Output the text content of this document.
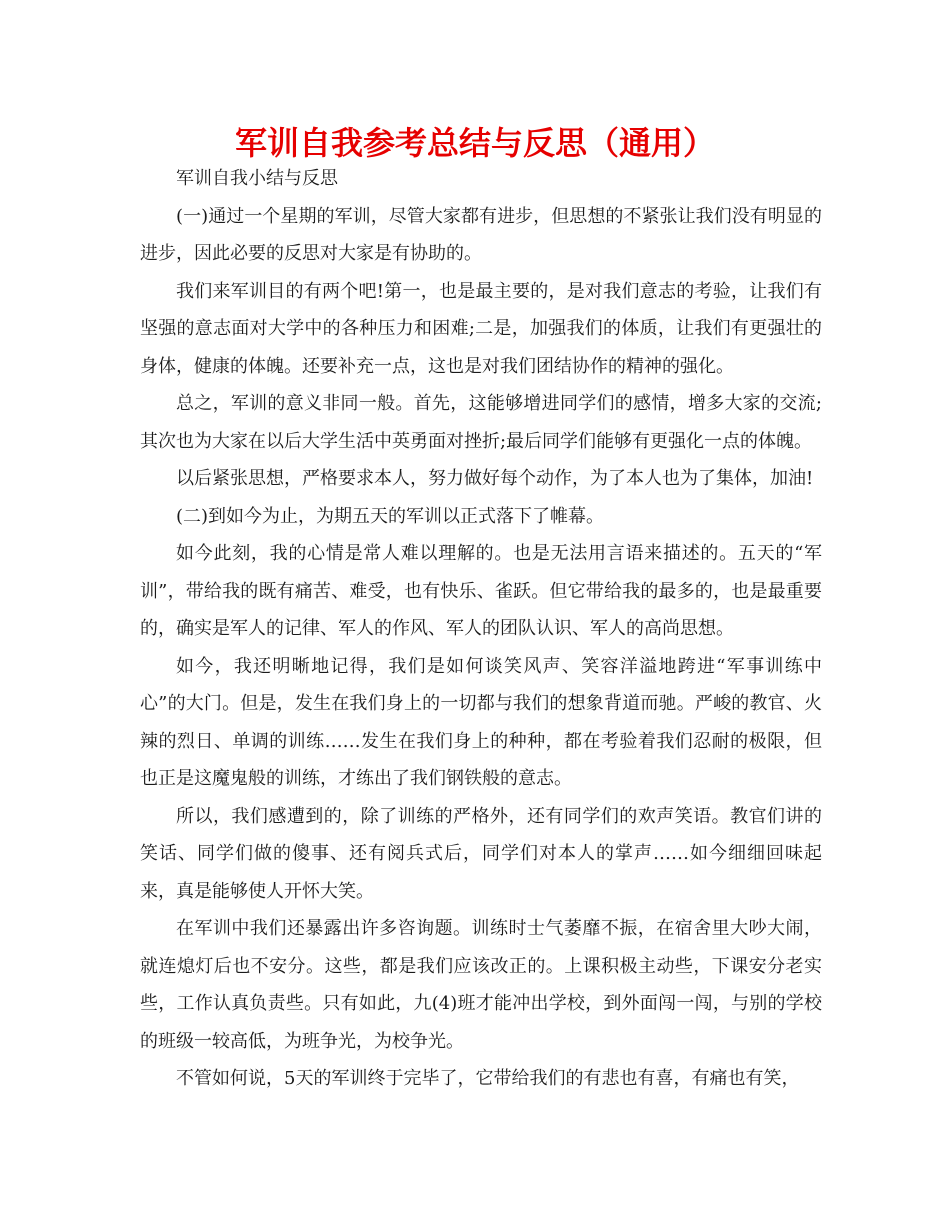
军训自我参考总结与反思（通用）

军训自我小结与反思

(一)通过一个星期的军训，尽管大家都有进步，但思想的不紧张让我们没有明显的进步，因此必要的反思对大家是有协助的。

我们来军训目的有两个吧!第一，也是最主要的，是对我们意志的考验，让我们有坚强的意志面对大学中的各种压力和困难;二是，加强我们的体质，让我们有更强壮的身体，健康的体魄。还要补充一点，这也是对我们团结协作的精神的强化。

总之，军训的意义非同一般。首先，这能够增进同学们的感情，增多大家的交流;其次也为大家在以后大学生活中英勇面对挫折;最后同学们能够有更强化一点的体魄。

以后紧张思想，严格要求本人，努力做好每个动作，为了本人也为了集体，加油!

(二)到如今为止，为期五天的军训以正式落下了帷幕。

如今此刻，我的心情是常人难以理解的。也是无法用言语来描述的。五天的“军训”，带给我的既有痛苦、难受，也有快乐、雀跃。但它带给我的最多的，也是最重要的，确实是军人的记律、军人的作风、军人的团队认识、军人的高尚思想。

如今，我还明晰地记得，我们是如何谈笑风声、笑容洋溢地跨进“军事训练中心”的大门。但是，发生在我们身上的一切都与我们的想象背道而驰。严峻的教官、火辣的烈日、单调的训练……发生在我们身上的种种，都在考验着我们忍耐的极限，但也正是这魔鬼般的训练，才练出了我们钢铁般的意志。

所以，我们感遭到的，除了训练的严格外，还有同学们的欢声笑语。教官们讲的笑话、同学们做的傻事、还有阅兵式后，同学们对本人的掌声……如今细细回味起来，真是能够使人开怀大笑。

在军训中我们还暴露出许多咨询题。训练时士气萎靡不振，在宿舍里大吵大闹，就连熄灯后也不安分。这些，都是我们应该改正的。上课积极主动些，下课安分老实些，工作认真负责些。只有如此，九(4)班才能冲出学校，到外面闯一闯，与别的学校的班级一较高低，为班争光，为校争光。

不管如何说，5天的军训终于完毕了，它带给我们的有悲也有喜，有痛也有笑，
